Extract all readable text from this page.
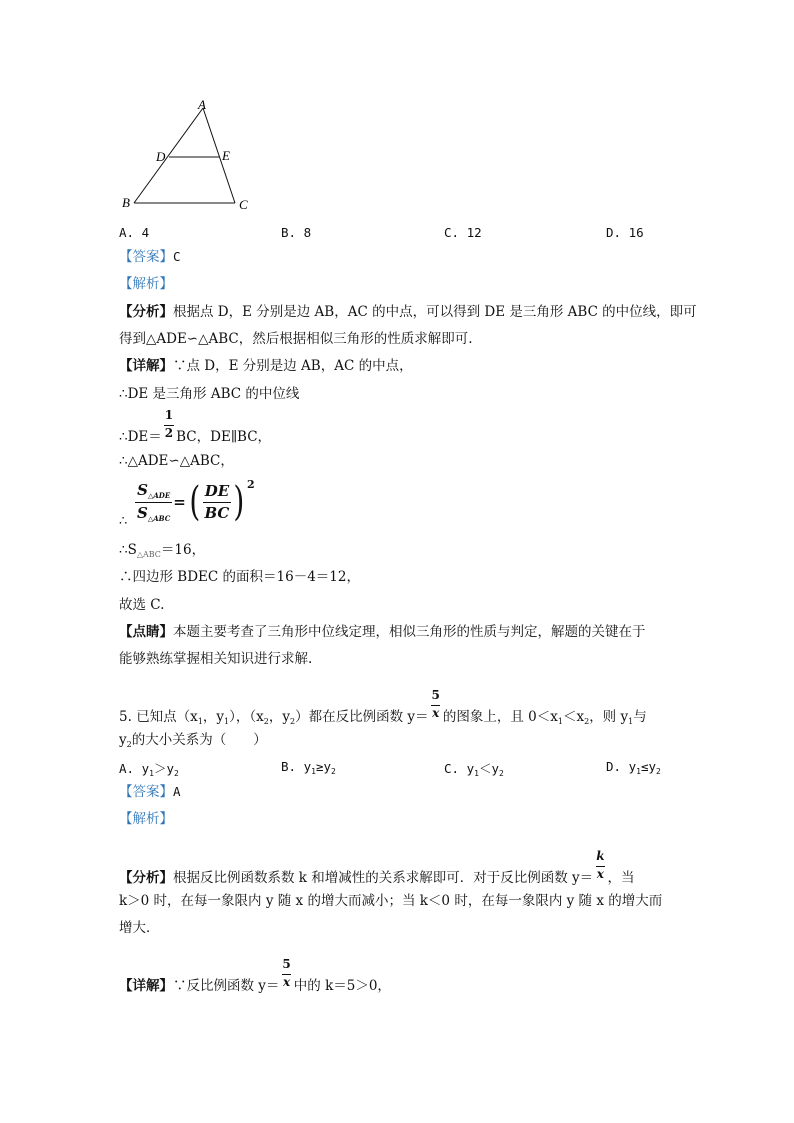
A
D	E
B	C
A. 4	B. 8	C. 12	D. 16
【答案】C
【解析】
【分析】根据点 D，E 分别是边 AB，AC 的中点，可以得到 DE 是三角形 ABC 的中位线，即可
得到△ADE∽△ABC，然后根据相似三角形的性质求解即可.
【详解】∵点 D，E 分别是边 AB，AC 的中点，
∴DE 是三角形 ABC 的中位线
∴DE＝ $\frac{1}{2}$ BC，DE∥BC，
∴△ADE∽△ABC，
∴ $\frac{S_{\triangle ADE}}{S_{\triangle ABC}}$ = ( $\frac{DE}{BC}$ ) 2
$\therefore S_{\triangle ABC}=16$，
∴四边形 BDEC 的面积＝16－4＝12，
故选 C.
【点睛】本题主要考查了三角形中位线定理，相似三角形的性质与判定，解题的关键在于
能够熟练掌握相关知识进行求解.
5. 已知点（$x_1$，$y_1$），（$x_2$，$y_2$）都在反比例函数 $y= \frac{5}{x}$ 的图象上，且 $0<x_1<x_2$，则 $y_1$与
$y_2$的大小关系为（　　）
A. $y_1>y_2$	B. $y_1\ge y_2$	C. $y_1<y_2$	D. $y_1\le y_2$
【答案】A
【解析】
【分析】根据反比例函数系数 k 和增减性的关系求解即可．对于反比例函数 $y= \frac{k}{x}$ ，当
k＞0 时，在每一象限内 y 随 x 的增大而减小；当 k＜0 时，在每一象限内 y 随 x 的增大而
增大．
【详解】∵反比例函数 $y= \frac{5}{x}$ 中的 k＝5＞0，
